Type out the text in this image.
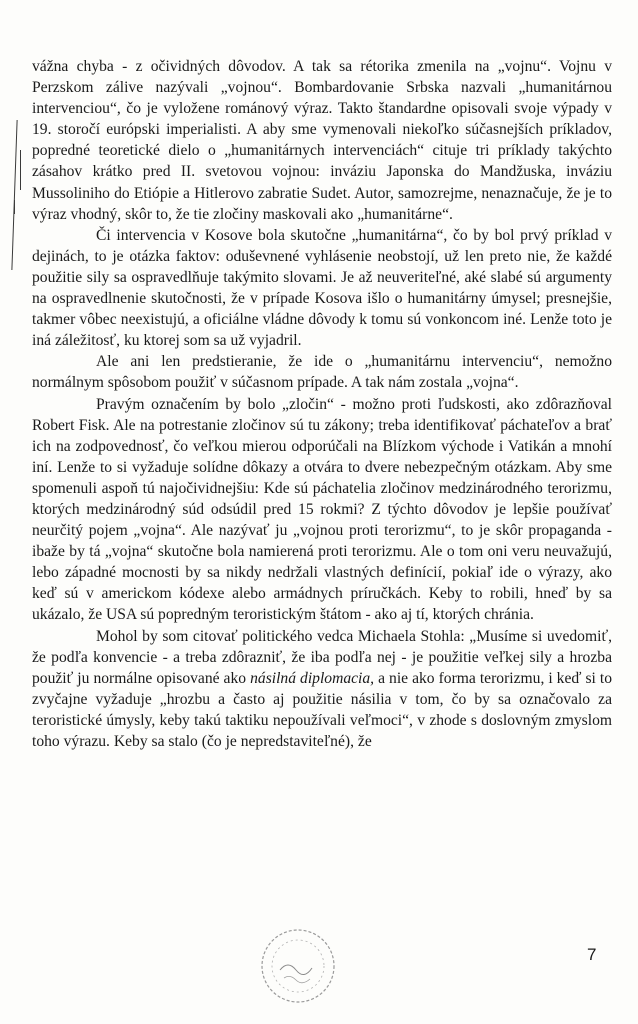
vážna chyba - z očividných dôvodov. A tak sa rétorika zmenila na „vojnu“. Vojnu v Perzskom zálive nazývali „vojnou“. Bombardovanie Srbska nazvali „humanitárnou intervenciou“, čo je vyložene románový výraz. Takto štandardne opisovali svoje výpady v 19. storočí európski imperialisti. A aby sme vymenovali niekoľko súčasnejších príkladov, popredné teoretické dielo o „humanitárnych intervenciách“ cituje tri príklady takýchto zásahov krátko pred II. svetovou vojnou: inváziu Japonska do Mandžuska, inváziu Mussoliniho do Etiópie a Hitlerovo zabratie Sudet. Autor, samozrejme, nenaznačuje, že je to výraz vhodný, skôr to, že tie zločiny maskovali ako „humanitárne“.

Či intervencia v Kosove bola skutočne „humanitárna“, čo by bol prvý príklad v dejinách, to je otázka faktov: oduševnené vyhlásenie neobstojí, už len preto nie, že každé použitie sily sa ospravedlňuje takýmito slovami. Je až neuveriteľné, aké slabé sú argumenty na ospravedlnenie skutočnosti, že v prípade Kosova išlo o humanitárny úmysel; presnejšie, takmer vôbec neexistujú, a oficiálne vládne dôvody k tomu sú vonkoncom iné. Lenže toto je iná záležitosť, ku ktorej som sa už vyjadril.

Ale ani len predstieranie, že ide o „humanitárnu intervenciu“, nemožno normálnym spôsobom použiť v súčasnom prípade. A tak nám zostala „vojna“.

Pravým označením by bolo „zločin“ - možno proti ľudskosti, ako zdôrazňoval Robert Fisk. Ale na potrestanie zločinov sú tu zákony; treba identifikovať páchateľov a brať ich na zodpovednosť, čo veľkou mierou odporúčali na Blízkom východe i Vatikán a mnohí iní. Lenže to si vyžaduje solídne dôkazy a otvára to dvere nebezpečným otázkam. Aby sme spomenuli aspoň tú najočividnejšiu: Kde sú páchatelia zločinov medzinárodného terorizmu, ktorých medzinárodný súd odsúdil pred 15 rokmi? Z týchto dôvodov je lepšie používať neurčitý pojem „vojna“. Ale nazývať ju „vojnou proti terorizmu“, to je skôr propaganda - ibaže by tá „vojna“ skutočne bola namierená proti terorizmu. Ale o tom oni veru neuvažujú, lebo západné mocnosti by sa nikdy nedržali vlastných definícií, pokiaľ ide o výrazy, ako keď sú v americkom kódexe alebo armádnych príručkách. Keby to robili, hneď by sa ukázalo, že USA sú popredným teroristickým štátom - ako aj tí, ktorých chránia.

Mohol by som citovať politického vedca Michaela Stohla: „Musíme si uvedomiť, že podľa konvencie - a treba zdôrazniť, že iba podľa nej - je použitie veľkej sily a hrozba použiť ju normálne opisované ako násilná diplomacia, a nie ako forma terorizmu, i keď si to zvyčajne vyžaduje „hrozbu a často aj použitie násilia v tom, čo by sa označovalo za teroristické úmysly, keby takú taktiku nepoužívali veľmoci“, v zhode s doslovným zmyslom toho výrazu. Keby sa stalo (čo je nepredstaviteľné), že

7
